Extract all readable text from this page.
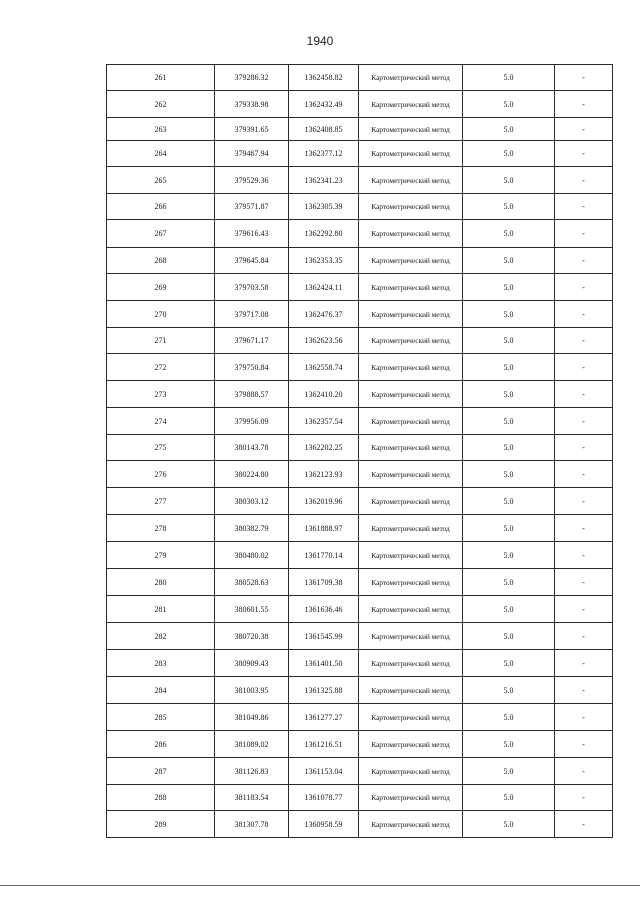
1940
261	379286.32	1362458.82	Картометрический метод	5.0	-
262	379338.98	1362432.49	Картометрический метод	5.0	-
263	379391.65	1362408.85	Картометрический метод	5.0	-
264	379467.94	1362377.12	Картометрический метод	5.0	-
265	379529.36	1362341.23	Картометрический метод	5.0	-
266	379571.87	1362305.39	Картометрический метод	5.0	-
267	379616.43	1362292.80	Картометрический метод	5.0	-
268	379645.84	1362353.35	Картометрический метод	5.0	-
269	379703.58	1362424.11	Картометрический метод	5.0	-
270	379717.08	1362476.37	Картометрический метод	5.0	-
271	379671.17	1362623.56	Картометрический метод	5.0	-
272	379750.84	1362558.74	Картометрический метод	5.0	-
273	379888.57	1362410.20	Картометрический метод	5.0	-
274	379956.09	1362357.54	Картометрический метод	5.0	-
275	380143.78	1362202.25	Картометрический метод	5.0	-
276	380224.80	1362123.93	Картометрический метод	5.0	-
277	380303.12	1362019.96	Картометрический метод	5.0	-
278	380382.79	1361888.97	Картометрический метод	5.0	-
279	380480.02	1361770.14	Картометрический метод	5.0	-
280	380528.63	1361709.38	Картометрический метод	5.0	-
281	380601.55	1361636.46	Картометрический метод	5.0	-
282	380720.38	1361545.99	Картометрический метод	5.0	-
283	380909.43	1361401.50	Картометрический метод	5.0	-
284	381003.95	1361325.88	Картометрический метод	5.0	-
285	381049.86	1361277.27	Картометрический метод	5.0	-
286	381089.02	1361216.51	Картометрический метод	5.0	-
287	381126.83	1361153.04	Картометрический метод	5.0	-
288	381183.54	1361078.77	Картометрический метод	5.0	-
289	381307.78	1360958.59	Картометрический метод	5.0	-
